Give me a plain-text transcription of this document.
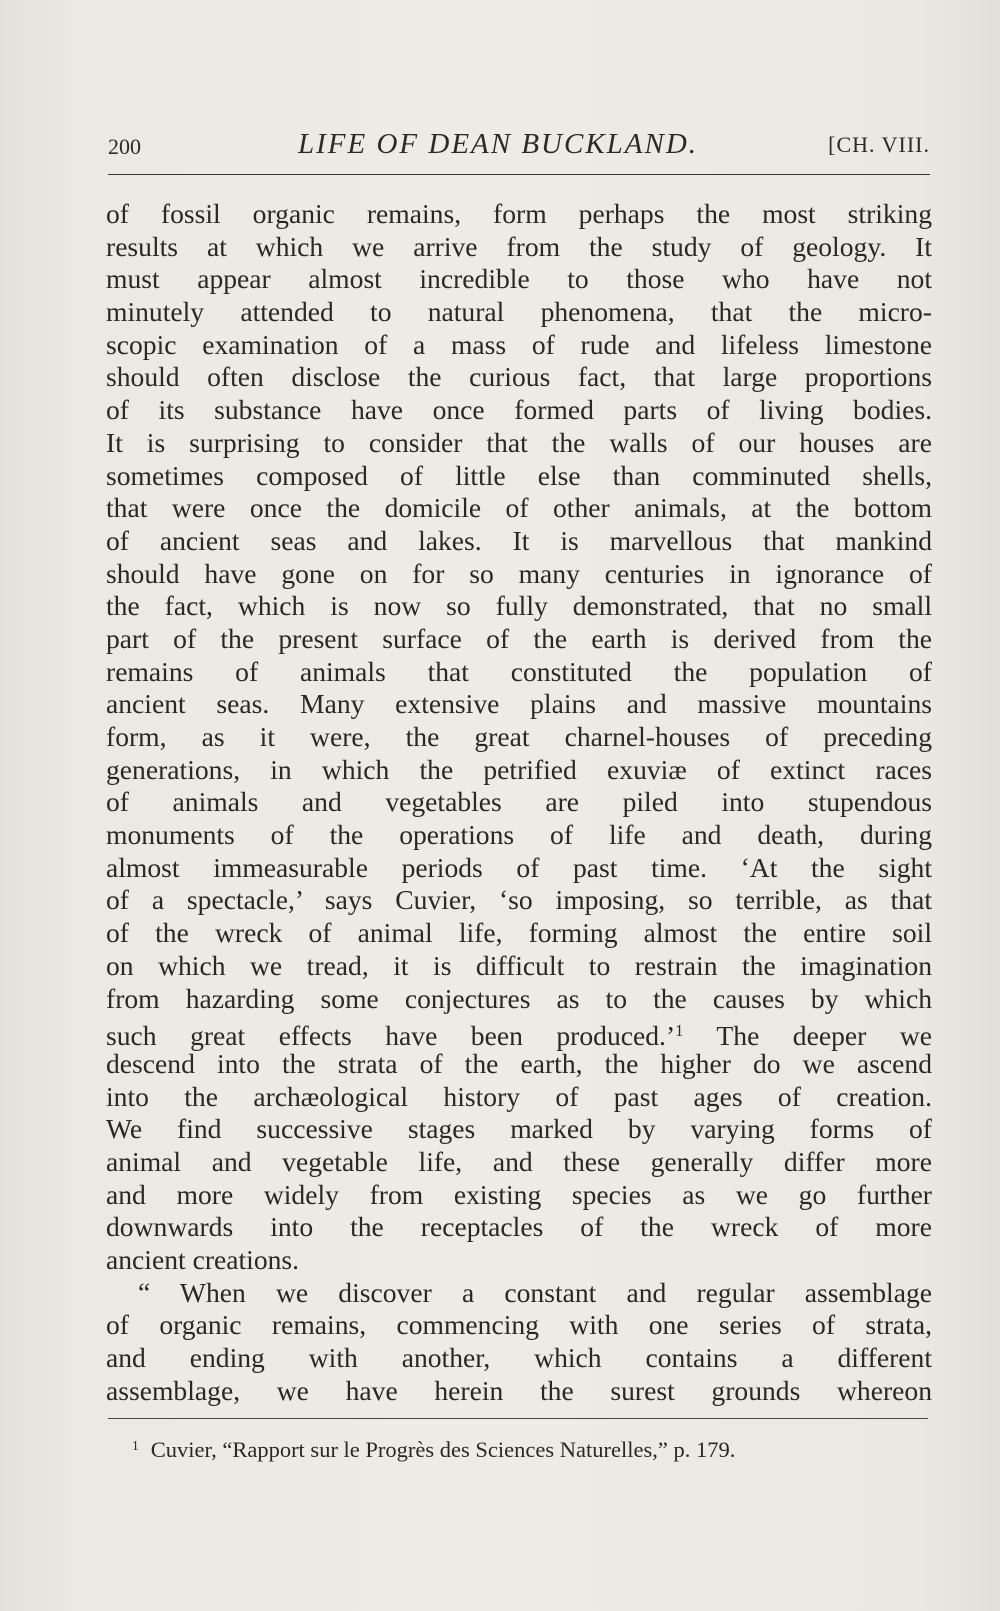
200	LIFE OF DEAN BUCKLAND.	[CH. VIII.
of fossil organic remains, form perhaps the most striking
results at which we arrive from the study of geology. It
must appear almost incredible to those who have not
minutely attended to natural phenomena, that the micro-
scopic examination of a mass of rude and lifeless limestone
should often disclose the curious fact, that large proportions
of its substance have once formed parts of living bodies.
It is surprising to consider that the walls of our houses are
sometimes composed of little else than comminuted shells,
that were once the domicile of other animals, at the bottom
of ancient seas and lakes. It is marvellous that mankind
should have gone on for so many centuries in ignorance of
the fact, which is now so fully demonstrated, that no small
part of the present surface of the earth is derived from the
remains of animals that constituted the population of
ancient seas. Many extensive plains and massive mountains
form, as it were, the great charnel-houses of preceding
generations, in which the petrified exuviæ of extinct races
of animals and vegetables are piled into stupendous
monuments of the operations of life and death, during
almost immeasurable periods of past time. ‘At the sight
of a spectacle,’ says Cuvier, ‘so imposing, so terrible, as that
of the wreck of animal life, forming almost the entire soil
on which we tread, it is difficult to restrain the imagination
from hazarding some conjectures as to the causes by which
such great effects have been produced.’$^1$ The deeper we
descend into the strata of the earth, the higher do we ascend
into the archæological history of past ages of creation.
We find successive stages marked by varying forms of
animal and vegetable life, and these generally differ more
and more widely from existing species as we go further
downwards into the receptacles of the wreck of more
ancient creations.
“ When we discover a constant and regular assemblage
of organic remains, commencing with one series of strata,
and ending with another, which contains a different
assemblage, we have herein the surest grounds whereon
$^1$ Cuvier, “Rapport sur le Progrès des Sciences Naturelles,” p. 179.
